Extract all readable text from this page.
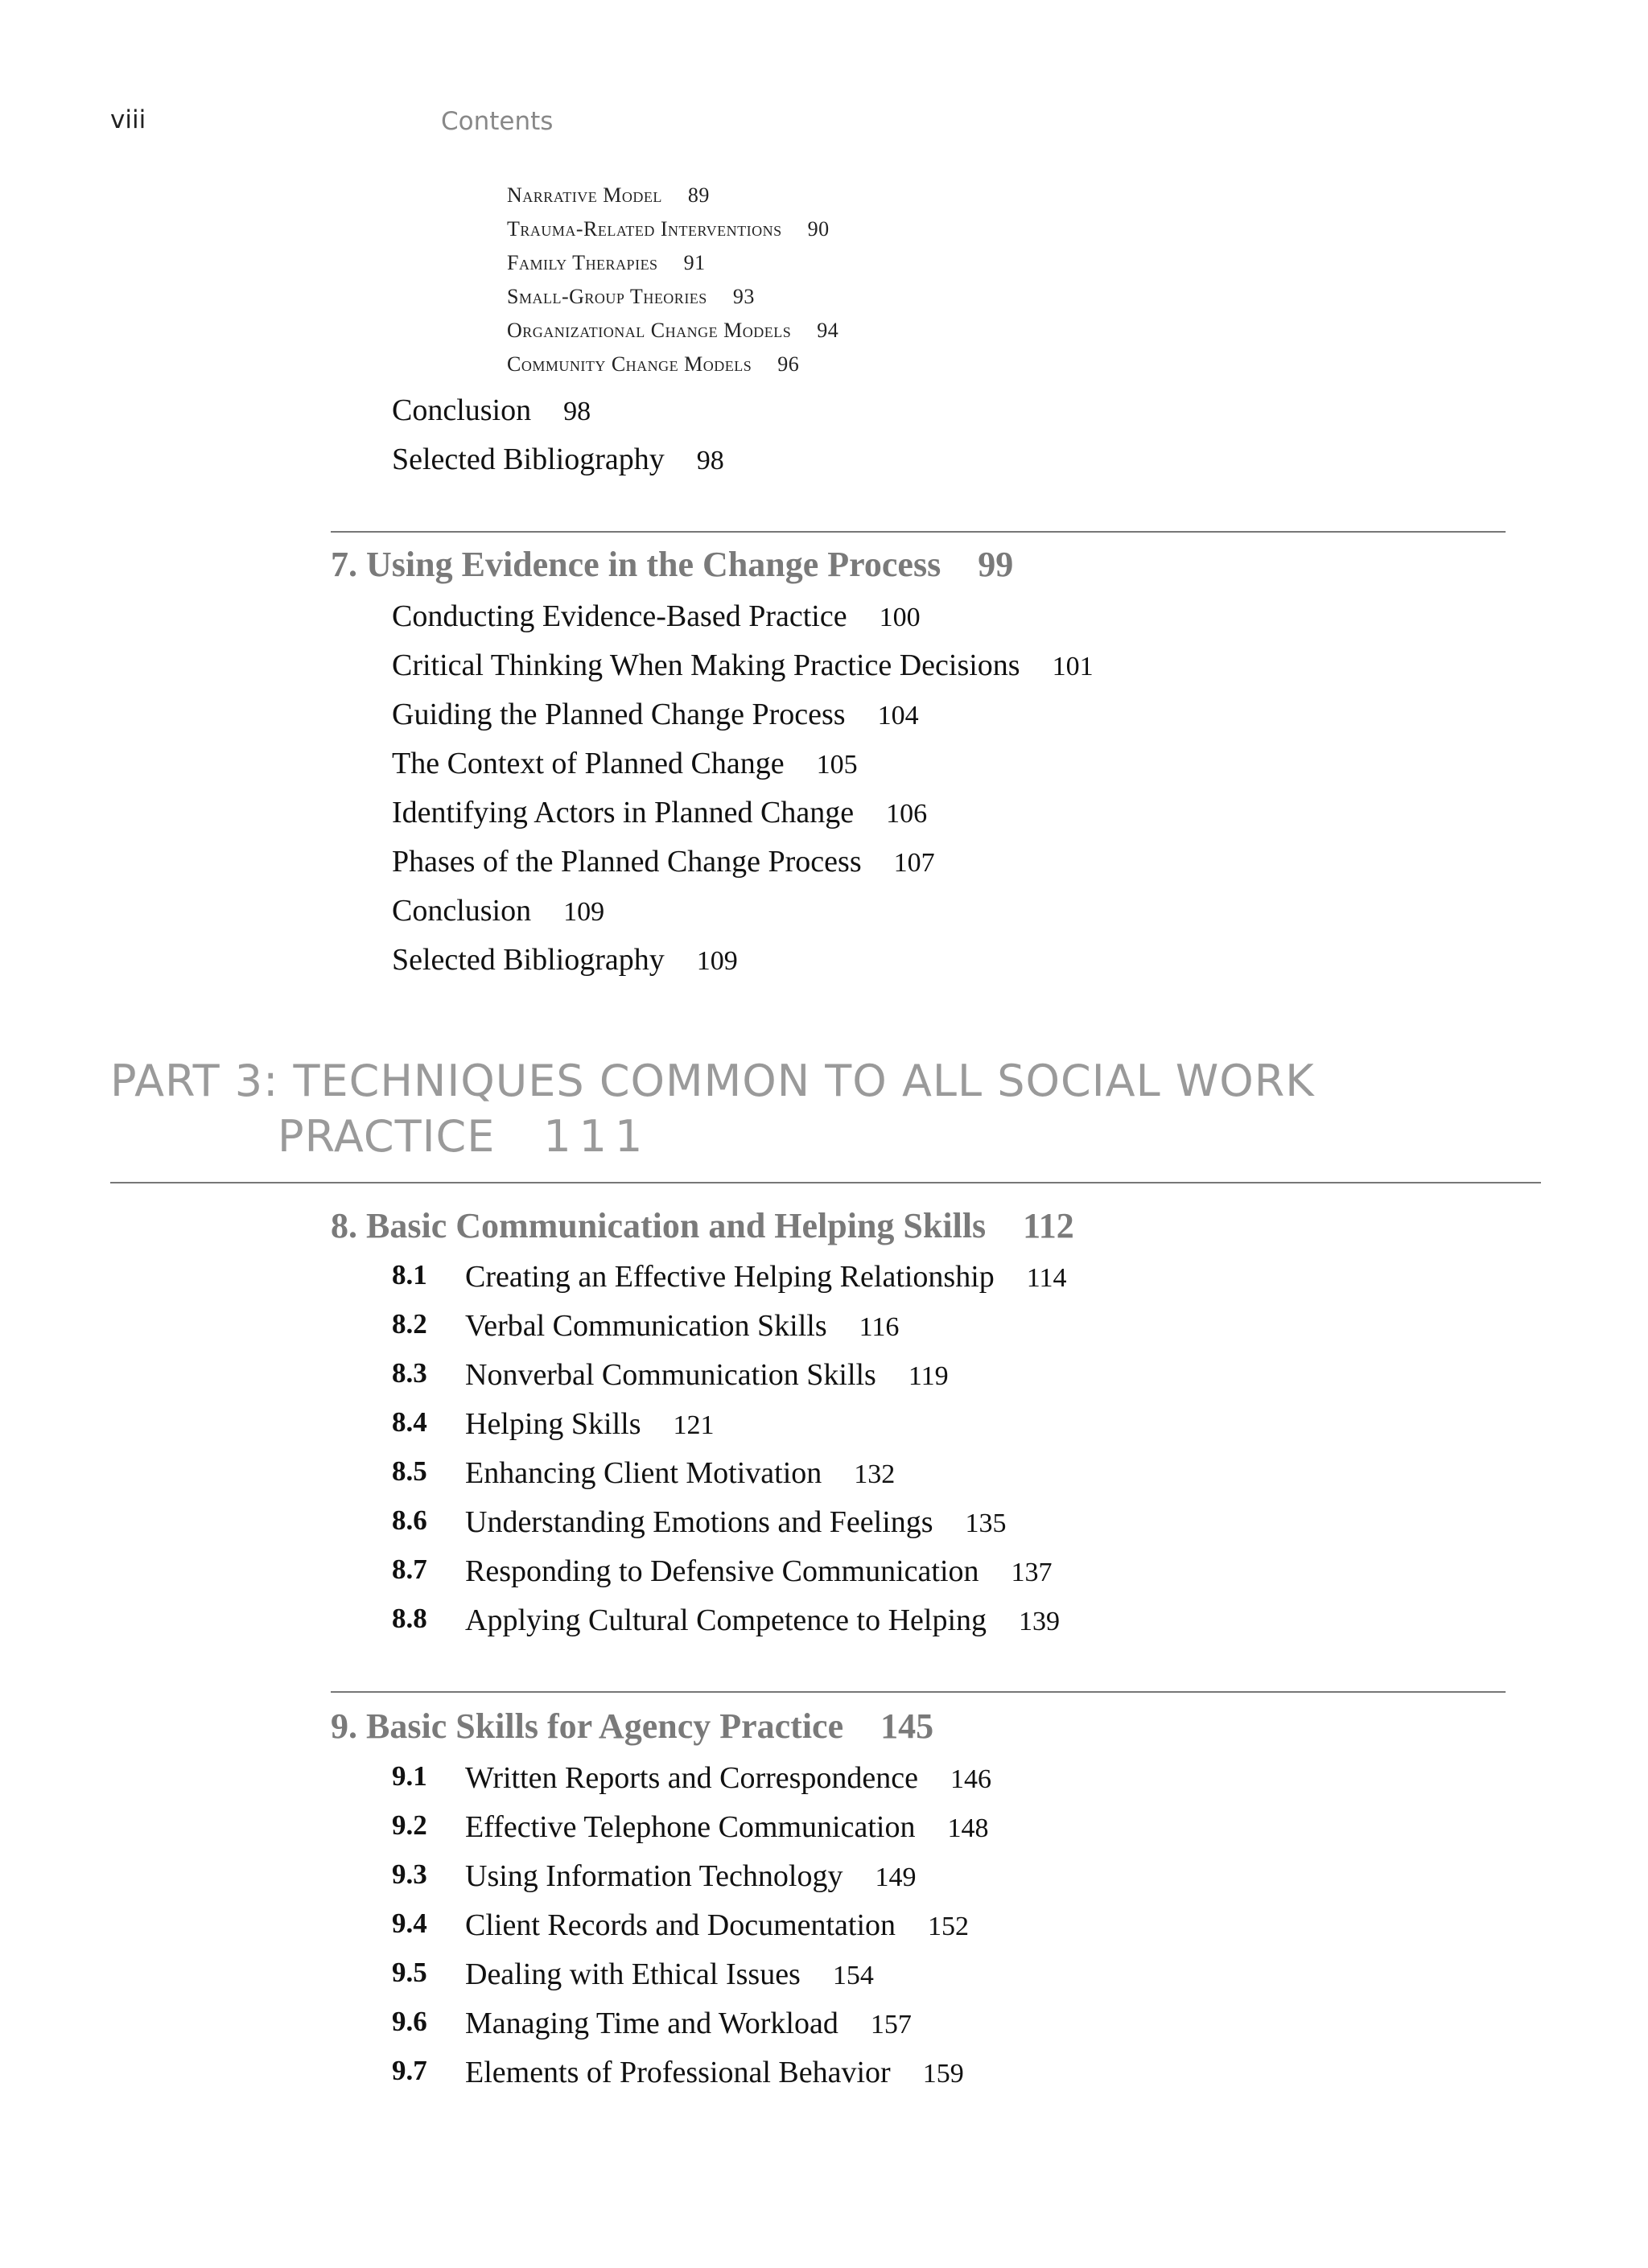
viii	Contents
Narrative Model 89
Trauma-Related Interventions 90
Family Therapies 91
Small-Group Theories 93
Organizational Change Models 94
Community Change Models 96
Conclusion 98
Selected Bibliography 98
7. Using Evidence in the Change Process 99
Conducting Evidence-Based Practice 100
Critical Thinking When Making Practice Decisions 101
Guiding the Planned Change Process 104
The Context of Planned Change 105
Identifying Actors in Planned Change 106
Phases of the Planned Change Process 107
Conclusion 109
Selected Bibliography 109
PART 3: TECHNIQUES COMMON TO ALL SOCIAL WORK
PRACTICE 111
8. Basic Communication and Helping Skills 112
8.1 Creating an Effective Helping Relationship 114
8.2 Verbal Communication Skills 116
8.3 Nonverbal Communication Skills 119
8.4 Helping Skills 121
8.5 Enhancing Client Motivation 132
8.6 Understanding Emotions and Feelings 135
8.7 Responding to Defensive Communication 137
8.8 Applying Cultural Competence to Helping 139
9. Basic Skills for Agency Practice 145
9.1 Written Reports and Correspondence 146
9.2 Effective Telephone Communication 148
9.3 Using Information Technology 149
9.4 Client Records and Documentation 152
9.5 Dealing with Ethical Issues 154
9.6 Managing Time and Workload 157
9.7 Elements of Professional Behavior 159
